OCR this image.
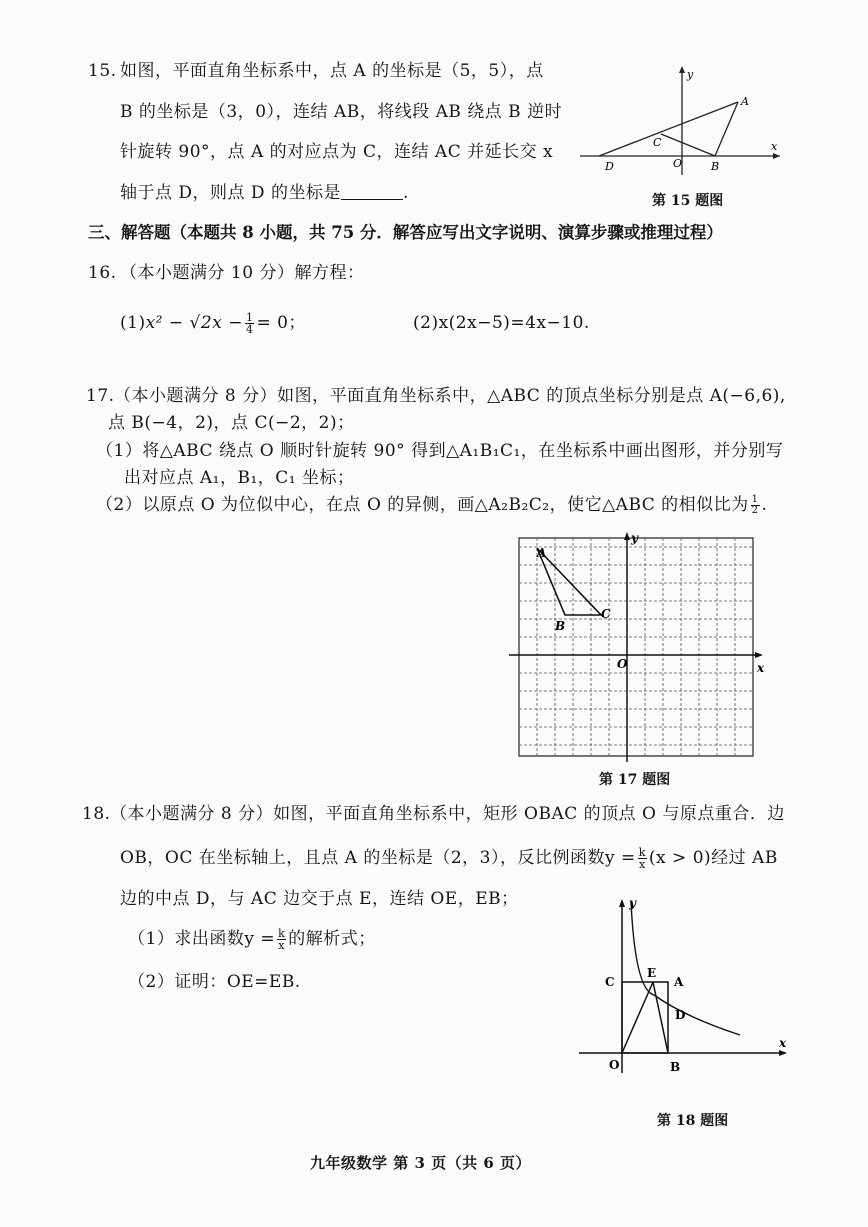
15. 如图，平面直角坐标系中，点 A 的坐标是（5，5），点
B 的坐标是（3，0），连结 AB，将线段 AB 绕点 B 逆时
针旋转 90°，点 A 的对应点为 C，连结 AC 并延长交 x
轴于点 D，则点 D 的坐标是	.
A
C
D	O	B
x
y
第 15 题图
三、解答题（本题共 8 小题，共 75 分．解答应写出文字说明、演算步骤或推理过程）
16. （本小题满分 10 分）解方程：
$(1)x^2 - √2x - \frac{1}{4} = 0$；	(2)x(2x−5)=4x−10.
17. （本小题满分 8 分）如图，平面直角坐标系中，△ABC 的顶点坐标分别是点 A(−6,6),
点 B(−4，2)，点 C(−2，2)；
（1）将△ABC 绕点 O 顺时针旋转 90° 得到△A₁B₁C₁，在坐标系中画出图形，并分别写
出对应点 A₁，B₁，C₁ 坐标；
（2）以原点 O 为位似中心，在点 O 的异侧，画△A₂B₂C₂，使它△ABC 的相似比为 $\frac{1}{2}$ .
A
B
C
O	x
y
第 17 题图
18. （本小题满分 8 分）如图，平面直角坐标系中，矩形 OBAC 的顶点 O 与原点重合．边
OB，OC 在坐标轴上，且点 A 的坐标是（2，3），反比例函数$y = \frac{k}{x} (x > 0)$经过 AB
边的中点 D，与 AC 边交于点 E，连结 OE，EB；
（1）求出函数$y = \frac{k}{x}$ 的解析式；
（2）证明：OE=EB.
y
C
E
A
D
O	B
x
第 18 题图
九年级数学 第 3 页（共 6 页）
